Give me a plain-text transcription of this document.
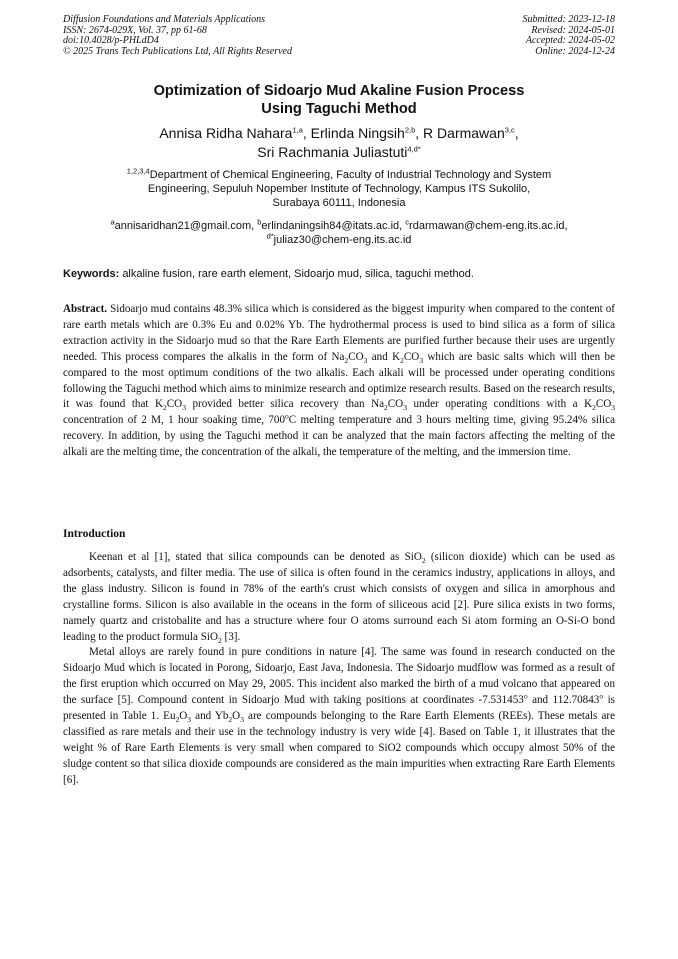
Diffusion Foundations and Materials Applications
ISSN: 2674-029X, Vol. 37, pp 61-68
doi:10.4028/p-PHLdD4
© 2025 Trans Tech Publications Ltd, All Rights Reserved
Submitted: 2023-12-18
Revised: 2024-05-01
Accepted: 2024-05-02
Online: 2024-12-24
Optimization of Sidoarjo Mud Akaline Fusion Process
Using Taguchi Method
Annisa Ridha Nahara$^{1,a}$, Erlinda Ningsih$^{2,b}$, R Darmawan$^{3,c}$,
Sri Rachmania Juliastuti$^{4,d*}$
$^{1,2,3,4}$Department of Chemical Engineering, Faculty of Industrial Technology and System
Engineering, Sepuluh Nopember Institute of Technology, Kampus ITS Sukolilo,
Surabaya 60111, Indonesia
$^a$annisaridhan21@gmail.com, $^b$erlindaningsih84@itats.ac.id, $^c$rdarmawan@chem-eng.its.ac.id,
$^{d*}$juliaz30@chem-eng.its.ac.id
Keywords: alkaline fusion, rare earth element, Sidoarjo mud, silica, taguchi method.
Abstract. Sidoarjo mud contains 48.3% silica which is considered as the biggest impurity when compared to the content of rare earth metals which are 0.3% Eu and 0.02% Yb. The hydrothermal process is used to bind silica as a form of silica extraction activity in the Sidoarjo mud so that the Rare Earth Elements are purified further because their uses are urgently needed. This process compares the alkalis in the form of $Na_2CO_3$ and $K_2CO_3$ which are basic salts which will then be compared to the most optimum conditions of the two alkalis. Each alkali will be processed under operating conditions following the Taguchi method which aims to minimize research and optimize research results. Based on the research results, it was found that $K_2CO_3$ provided better silica recovery than $Na_2CO_3$ under operating conditions with a $K_2CO_3$ concentration of 2 M, 1 hour soaking time, 700$^o$C melting temperature and 3 hours melting time, giving 95.24% silica recovery. In addition, by using the Taguchi method it can be analyzed that the main factors affecting the melting of the alkali are the melting time, the concentration of the alkali, the temperature of the melting, and the immersion time.
Introduction

Keenan et al [1], stated that silica compounds can be denoted as SiO$_2$ (silicon dioxide) which can be used as adsorbents, catalysts, and filter media. The use of silica is often found in the ceramics industry, applications in alloys, and the glass industry. Silicon is found in 78% of the earth's crust which consists of oxygen and silica in amorphous and crystalline forms. Silicon is also available in the oceans in the form of siliceous acid [2]. Pure silica exists in two forms, namely quartz and cristobalite and has a structure where four O atoms surround each Si atom forming an O-Si-O bond leading to the product formula SiO$_2$ [3].

Metal alloys are rarely found in pure conditions in nature [4]. The same was found in research conducted on the Sidoarjo Mud which is located in Porong, Sidoarjo, East Java, Indonesia. The Sidoarjo mudflow was formed as a result of the first eruption which occurred on May 29, 2005. This incident also marked the birth of a mud volcano that appeared on the surface [5]. Compound content in Sidoarjo Mud with taking positions at coordinates -7.531453$^o$ and 112.70843$^o$ is presented in Table 1. $Eu_2O_3$ and $Yb_2O_3$ are compounds belonging to the Rare Earth Elements (REEs). These metals are classified as rare metals and their use in the technology industry is very wide [4]. Based on Table 1, it illustrates that the weight % of Rare Earth Elements is very small when compared to SiO2 compounds which occupy almost 50% of the sludge content so that silica dioxide compounds are considered as the main impurities when extracting Rare Earth Elements [6].
